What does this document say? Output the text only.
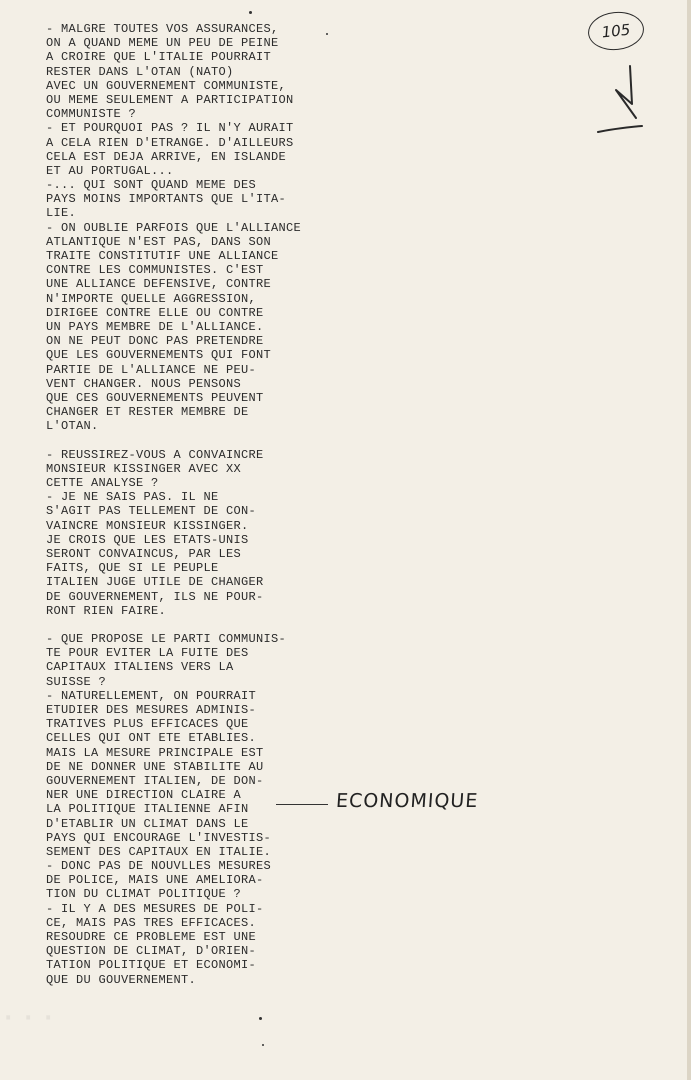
105
- MALGRE TOUTES VOS ASSURANCES,
ON A QUAND MEME UN PEU DE PEINE
A CROIRE QUE L'ITALIE POURRAIT
RESTER DANS L'OTAN (NATO)
AVEC UN GOUVERNEMENT COMMUNISTE,
OU MEME SEULEMENT A PARTICIPATION
COMMUNISTE ?
- ET POURQUOI PAS ? IL N'Y AURAIT
A CELA RIEN D'ETRANGE. D'AILLEURS
CELA EST DEJA ARRIVE, EN ISLANDE
ET AU PORTUGAL...
-... QUI SONT QUAND MEME DES
PAYS MOINS IMPORTANTS QUE L'ITA-
LIE.
- ON OUBLIE PARFOIS QUE L'ALLIANCE
ATLANTIQUE N'EST PAS, DANS SON
TRAITE CONSTITUTIF UNE ALLIANCE
CONTRE LES COMMUNISTES. C'EST
UNE ALLIANCE DEFENSIVE, CONTRE
N'IMPORTE QUELLE AGGRESSION,
DIRIGEE CONTRE ELLE OU CONTRE
UN PAYS MEMBRE DE L'ALLIANCE.
ON NE PEUT DONC PAS PRETENDRE
QUE LES GOUVERNEMENTS QUI FONT
PARTIE DE L'ALLIANCE NE PEU-
VENT CHANGER. NOUS PENSONS
QUE CES GOUVERNEMENTS PEUVENT
CHANGER ET RESTER MEMBRE DE
L'OTAN.
- REUSSIREZ-VOUS A CONVAINCRE
MONSIEUR KISSINGER AVEC XX
CETTE ANALYSE ?
- JE NE SAIS PAS. IL NE
S'AGIT PAS TELLEMENT DE CON-
VAINCRE MONSIEUR KISSINGER.
JE CROIS QUE LES ETATS-UNIS
SERONT CONVAINCUS, PAR LES
FAITS, QUE SI LE PEUPLE
ITALIEN JUGE UTILE DE CHANGER
DE GOUVERNEMENT, ILS NE POUR-
RONT RIEN FAIRE.
- QUE PROPOSE LE PARTI COMMUNIS-
TE POUR EVITER LA FUITE DES
CAPITAUX ITALIENS VERS LA
SUISSE ?
- NATURELLEMENT, ON POURRAIT
ETUDIER DES MESURES ADMINIS-
TRATIVES PLUS EFFICACES QUE
CELLES QUI ONT ETE ETABLIES.
MAIS LA MESURE PRINCIPALE EST
DE NE DONNER UNE STABILITE AU
GOUVERNEMENT ITALIEN, DE DON-
NER UNE DIRECTION CLAIRE A
LA POLITIQUE ITALIENNE AFIN
D'ETABLIR UN CLIMAT DANS LE
PAYS QUI ENCOURAGE L'INVESTIS-
SEMENT DES CAPITAUX EN ITALIE.
- DONC PAS DE NOUVLLES MESURES
DE POLICE, MAIS UNE AMELIORA-
TION DU CLIMAT POLITIQUE ?
- IL Y A DES MESURES DE POLI-
CE, MAIS PAS TRES EFFICACES.
RESOUDRE CE PROBLEME EST UNE
QUESTION DE CLIMAT, D'ORIEN-
TATION POLITIQUE ET ECONOMI-
QUE DU GOUVERNEMENT.
ECONOMIQUE
· · ·
